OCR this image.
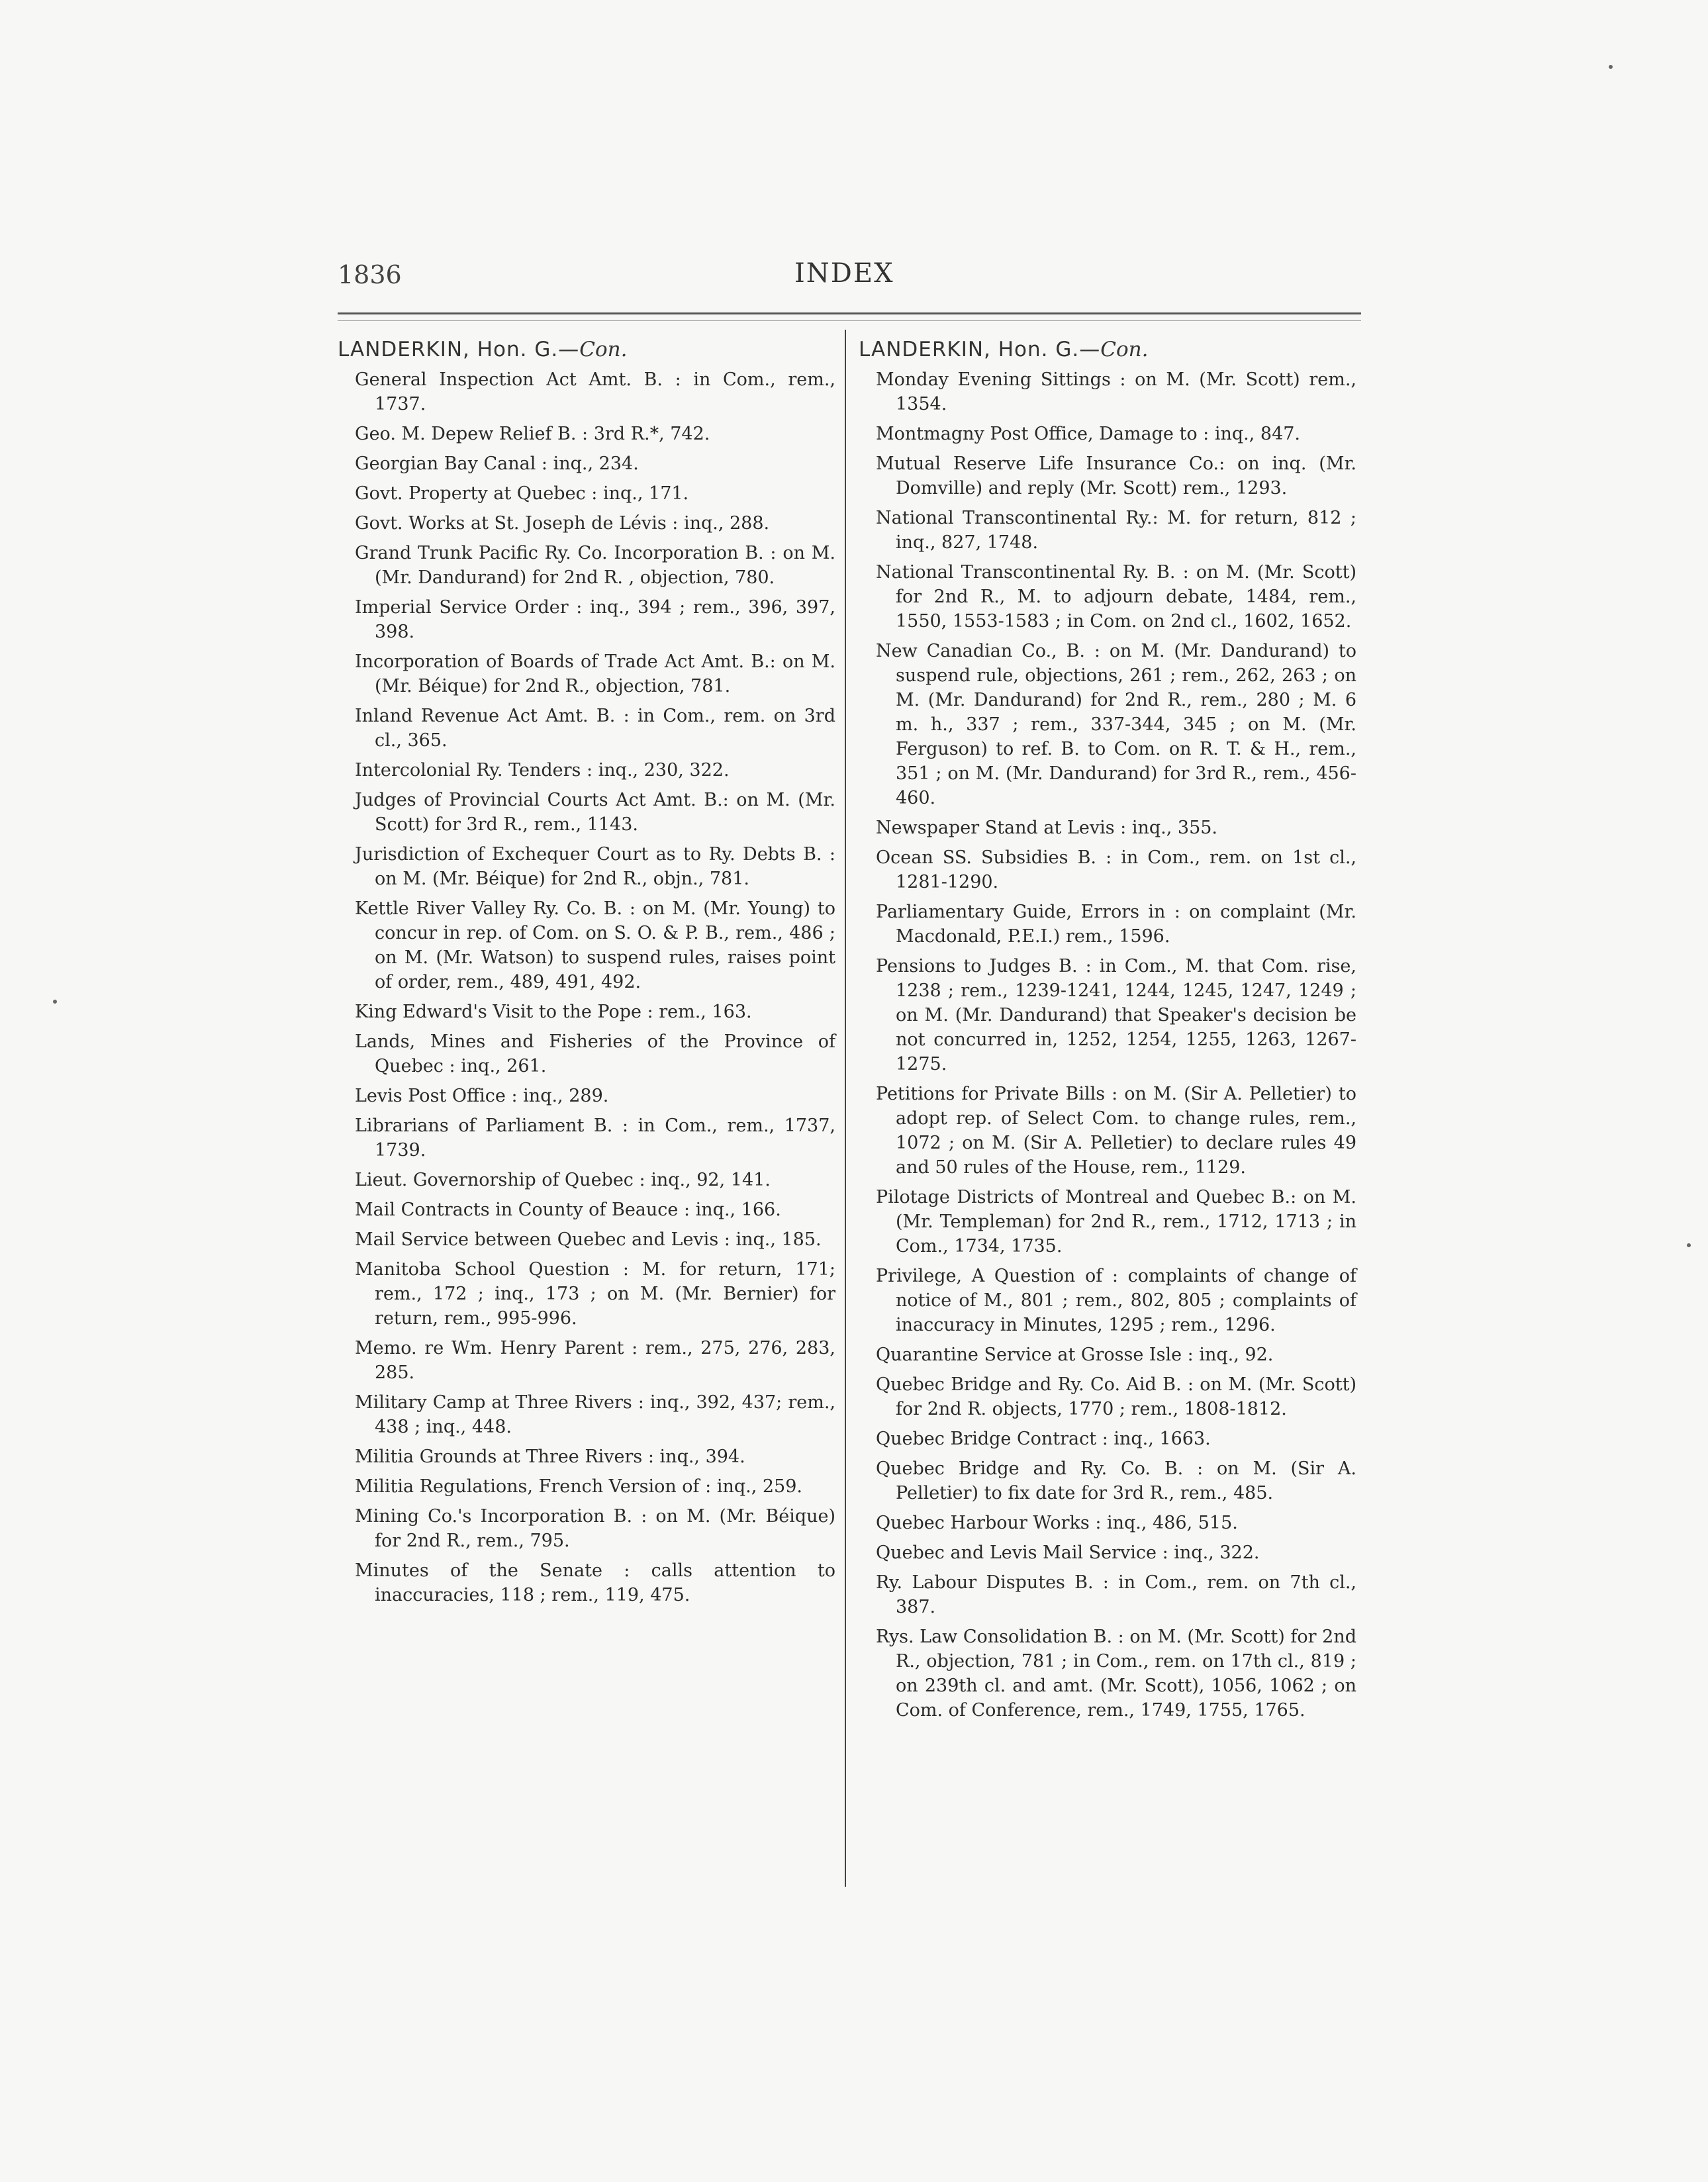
1836	INDEX
LANDERKIN, Hon. G.—Con.
General Inspection Act Amt. B. : in Com., rem., 1737.
Geo. M. Depew Relief B. : 3rd R.*, 742.
Georgian Bay Canal : inq., 234.
Govt. Property at Quebec : inq., 171.
Govt. Works at St. Joseph de Lévis : inq., 288.
Grand Trunk Pacific Ry. Co. Incorporation B. : on M. (Mr. Dandurand) for 2nd R. , objection, 780.
Imperial Service Order : inq., 394 ; rem., 396, 397, 398.
Incorporation of Boards of Trade Act Amt. B.: on M. (Mr. Béique) for 2nd R., objection, 781.
Inland Revenue Act Amt. B. : in Com., rem. on 3rd cl., 365.
Intercolonial Ry. Tenders : inq., 230, 322.
Judges of Provincial Courts Act Amt. B.: on M. (Mr. Scott) for 3rd R., rem., 1143.
Jurisdiction of Exchequer Court as to Ry. Debts B. : on M. (Mr. Béique) for 2nd R., objn., 781.
Kettle River Valley Ry. Co. B. : on M. (Mr. Young) to concur in rep. of Com. on S. O. & P. B., rem., 486 ; on M. (Mr. Watson) to suspend rules, raises point of order, rem., 489, 491, 492.
King Edward's Visit to the Pope : rem., 163.
Lands, Mines and Fisheries of the Province of Quebec : inq., 261.
Levis Post Office : inq., 289.
Librarians of Parliament B. : in Com., rem., 1737, 1739.
Lieut. Governorship of Quebec : inq., 92, 141.
Mail Contracts in County of Beauce : inq., 166.
Mail Service between Quebec and Levis : inq., 185.
Manitoba School Question : M. for return, 171; rem., 172 ; inq., 173 ; on M. (Mr. Bernier) for return, rem., 995-996.
Memo. re Wm. Henry Parent : rem., 275, 276, 283, 285.
Military Camp at Three Rivers : inq., 392, 437; rem., 438 ; inq., 448.
Militia Grounds at Three Rivers : inq., 394.
Militia Regulations, French Version of : inq., 259.
Mining Co.'s Incorporation B. : on M. (Mr. Béique) for 2nd R., rem., 795.
Minutes of the Senate : calls attention to inaccuracies, 118 ; rem., 119, 475.
LANDERKIN, Hon. G.—Con.
Monday Evening Sittings : on M. (Mr. Scott) rem., 1354.
Montmagny Post Office, Damage to : inq., 847.
Mutual Reserve Life Insurance Co.: on inq. (Mr. Domville) and reply (Mr. Scott) rem., 1293.
National Transcontinental Ry.: M. for return, 812 ; inq., 827, 1748.
National Transcontinental Ry. B. : on M. (Mr. Scott) for 2nd R., M. to adjourn debate, 1484, rem., 1550, 1553-1583 ; in Com. on 2nd cl., 1602, 1652.
New Canadian Co., B. : on M. (Mr. Dandurand) to suspend rule, objections, 261 ; rem., 262, 263 ; on M. (Mr. Dandurand) for 2nd R., rem., 280 ; M. 6 m. h., 337 ; rem., 337-344, 345 ; on M. (Mr. Ferguson) to ref. B. to Com. on R. T. & H., rem., 351 ; on M. (Mr. Dandurand) for 3rd R., rem., 456-460.
Newspaper Stand at Levis : inq., 355.
Ocean SS. Subsidies B. : in Com., rem. on 1st cl., 1281-1290.
Parliamentary Guide, Errors in : on complaint (Mr. Macdonald, P.E.I.) rem., 1596.
Pensions to Judges B. : in Com., M. that Com. rise, 1238 ; rem., 1239-1241, 1244, 1245, 1247, 1249 ; on M. (Mr. Dandurand) that Speaker's decision be not concurred in, 1252, 1254, 1255, 1263, 1267-1275.
Petitions for Private Bills : on M. (Sir A. Pelletier) to adopt rep. of Select Com. to change rules, rem., 1072 ; on M. (Sir A. Pelletier) to declare rules 49 and 50 rules of the House, rem., 1129.
Pilotage Districts of Montreal and Quebec B.: on M. (Mr. Templeman) for 2nd R., rem., 1712, 1713 ; in Com., 1734, 1735.
Privilege, A Question of : complaints of change of notice of M., 801 ; rem., 802, 805 ; complaints of inaccuracy in Minutes, 1295 ; rem., 1296.
Quarantine Service at Grosse Isle : inq., 92.
Quebec Bridge and Ry. Co. Aid B. : on M. (Mr. Scott) for 2nd R. objects, 1770 ; rem., 1808-1812.
Quebec Bridge Contract : inq., 1663.
Quebec Bridge and Ry. Co. B. : on M. (Sir A. Pelletier) to fix date for 3rd R., rem., 485.
Quebec Harbour Works : inq., 486, 515.
Quebec and Levis Mail Service : inq., 322.
Ry. Labour Disputes B. : in Com., rem. on 7th cl., 387.
Rys. Law Consolidation B. : on M. (Mr. Scott) for 2nd R., objection, 781 ; in Com., rem. on 17th cl., 819 ; on 239th cl. and amt. (Mr. Scott), 1056, 1062 ; on Com. of Conference, rem., 1749, 1755, 1765.
